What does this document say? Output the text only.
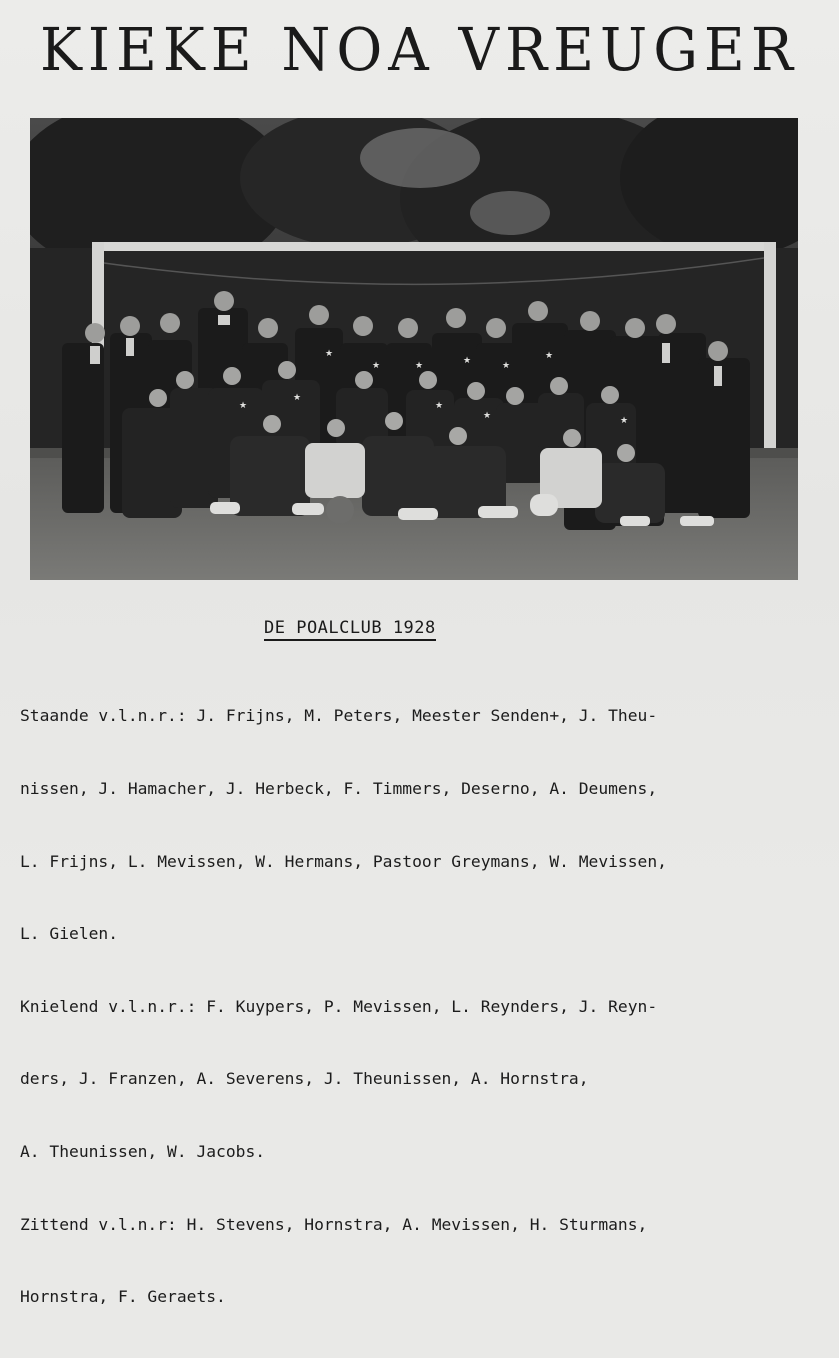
KIEKE NOA VREUGER
★
★	★	★	★
★
★
★
★
★	★
DE POALCLUB 1928

Staande v.l.n.r.: J. Frijns, M. Peters, Meester Senden+, J. Theu-

nissen, J. Hamacher, J. Herbeck, F. Timmers, Deserno, A. Deumens,

L. Frijns, L. Mevissen, W. Hermans, Pastoor Greymans, W. Mevissen,

L. Gielen.

Knielend v.l.n.r.: F. Kuypers, P. Mevissen, L. Reynders, J. Reyn-

ders, J. Franzen, A. Severens, J. Theunissen, A. Hornstra,

A. Theunissen, W. Jacobs.

Zittend v.l.n.r: H. Stevens, Hornstra, A. Mevissen, H. Sturmans,

Hornstra, F. Geraets.
